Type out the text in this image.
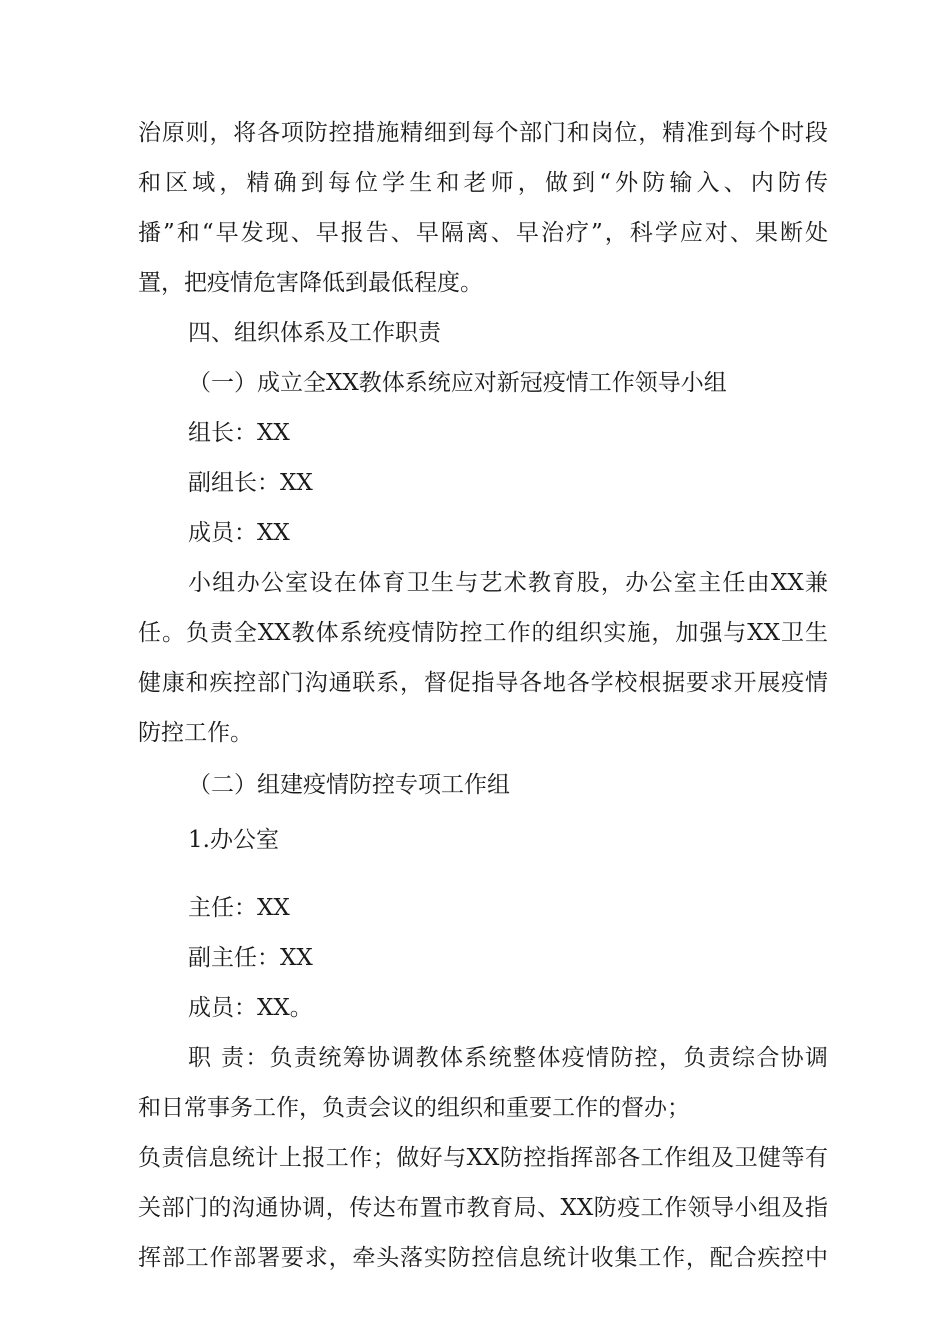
治原则，将各项防控措施精细到每个部门和岗位，精准到每个时段
和区域，精确到每位学生和老师，做到“外防输入、内防传
播”和“早发现、早报告、早隔离、早治疗”，科学应对、果断处
置，把疫情危害降低到最低程度。
四、组织体系及工作职责
（一）成立全XX教体系统应对新冠疫情工作领导小组
组长：XX
副组长：XX
成员：XX
小组办公室设在体育卫生与艺术教育股，办公室主任由XX兼
任。负责全XX教体系统疫情防控工作的组织实施，加强与XX卫生
健康和疾控部门沟通联系，督促指导各地各学校根据要求开展疫情
防控工作。
（二）组建疫情防控专项工作组
1.办公室
主任：XX
副主任：XX
成员：XX。
职 责：负责统筹协调教体系统整体疫情防控，负责综合协调
和日常事务工作，负责会议的组织和重要工作的督办；
负责信息统计上报工作；做好与XX防控指挥部各工作组及卫健等有
关部门的沟通协调，传达布置市教育局、XX防疫工作领导小组及指
挥部工作部署要求，牵头落实防控信息统计收集工作，配合疾控中
